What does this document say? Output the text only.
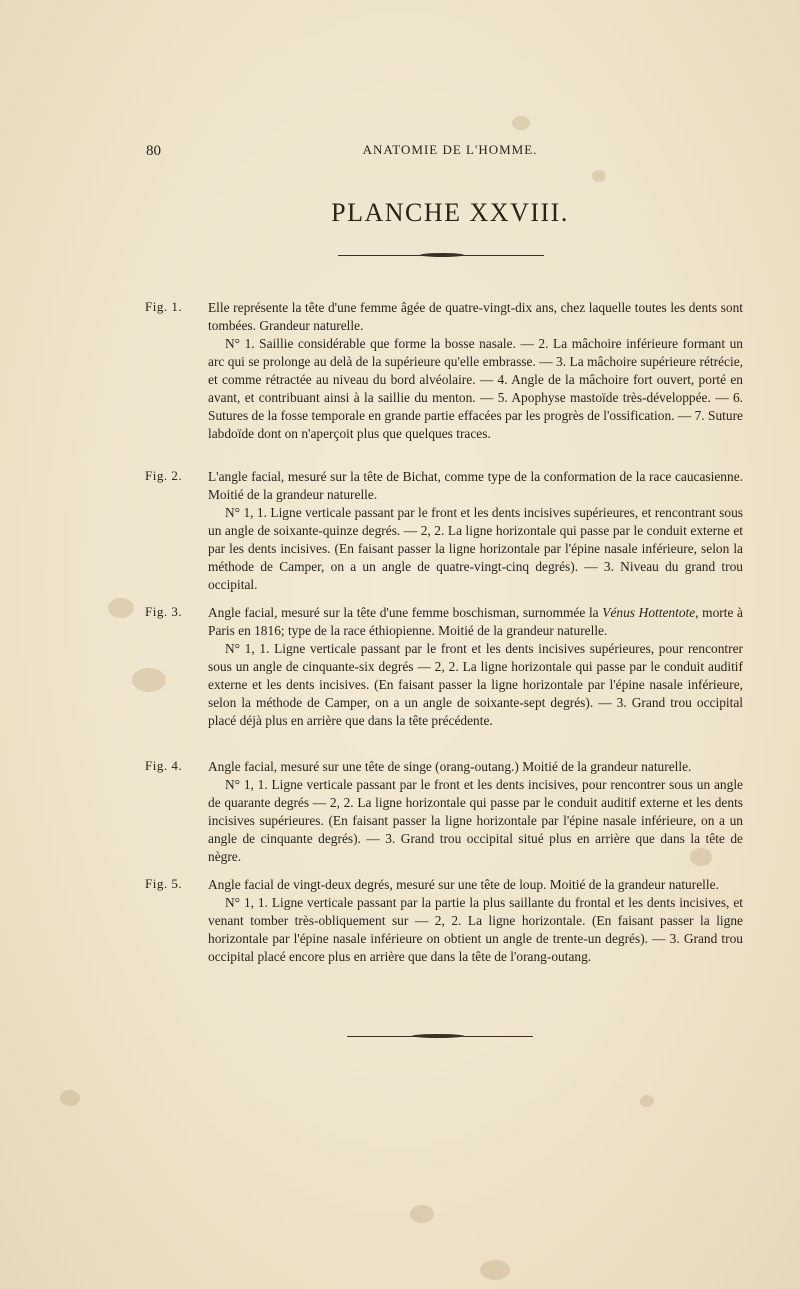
80	ANATOMIE DE L'HOMME.
PLANCHE XXVIII.
Fig. 1. Elle représente la tête d'une femme âgée de quatre-vingt-dix ans, chez laquelle toutes les dents sont tombées. Grandeur naturelle.

N° 1. Saillie considérable que forme la bosse nasale. — 2. La mâchoire inférieure formant un arc qui se prolonge au delà de la supérieure qu'elle embrasse. — 3. La mâchoire supérieure rétrécie, et comme rétractée au niveau du bord alvéolaire. — 4. Angle de la mâchoire fort ouvert, porté en avant, et contribuant ainsi à la saillie du menton. — 5. Apophyse mastoïde très-développée. — 6. Sutures de la fosse temporale en grande partie effacées par les progrès de l'ossification. — 7. Suture labdoïde dont on n'aperçoit plus que quelques traces.

Fig. 2. L'angle facial, mesuré sur la tête de Bichat, comme type de la conformation de la race caucasienne. Moitié de la grandeur naturelle.

N° 1, 1. Ligne verticale passant par le front et les dents incisives supérieures, et rencontrant sous un angle de soixante-quinze degrés. — 2, 2. La ligne horizontale qui passe par le conduit externe et par les dents incisives. (En faisant passer la ligne horizontale par l'épine nasale inférieure, selon la méthode de Camper, on a un angle de quatre-vingt-cinq degrés). — 3. Niveau du grand trou occipital.

Fig. 3. Angle facial, mesuré sur la tête d'une femme boschisman, surnommée la Vénus Hottentote, morte à Paris en 1816; type de la race éthiopienne. Moitié de la grandeur naturelle.

N° 1, 1. Ligne verticale passant par le front et les dents incisives supérieures, pour rencontrer sous un angle de cinquante-six degrés — 2, 2. La ligne horizontale qui passe par le conduit auditif externe et les dents incisives. (En faisant passer la ligne horizontale par l'épine nasale inférieure, selon la méthode de Camper, on a un angle de soixante-sept degrés). — 3. Grand trou occipital placé déjà plus en arrière que dans la tête précédente.

Fig. 4. Angle facial, mesuré sur une tête de singe (orang-outang.) Moitié de la grandeur naturelle.

N° 1, 1. Ligne verticale passant par le front et les dents incisives, pour rencontrer sous un angle de quarante degrés — 2, 2. La ligne horizontale qui passe par le conduit auditif externe et les dents incisives supérieures. (En faisant passer la ligne horizontale par l'épine nasale inférieure, on a un angle de cinquante degrés). — 3. Grand trou occipital situé plus en arrière que dans la tête de nègre.

Fig. 5. Angle facial de vingt-deux degrés, mesuré sur une tête de loup. Moitié de la grandeur naturelle.

N° 1, 1. Ligne verticale passant par la partie la plus saillante du frontal et les dents incisives, et venant tomber très-obliquement sur — 2, 2. La ligne horizontale. (En faisant passer la ligne horizontale par l'épine nasale inférieure on obtient un angle de trente-un degrés). — 3. Grand trou occipital placé encore plus en arrière que dans la tête de l'orang-outang.
